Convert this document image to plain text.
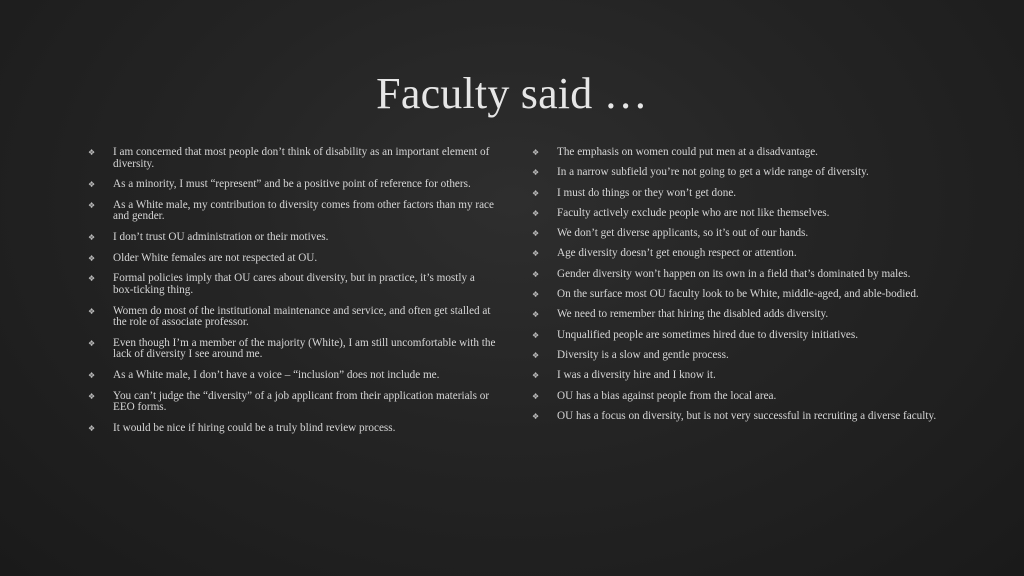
Faculty said …
❖ I am concerned that most people don’t think of disability as an important element of diversity.
❖ As a minority, I must “represent” and be a positive point of reference for others.
❖ As a White male, my contribution to diversity comes from other factors than my race and gender.
❖ I don’t trust OU administration or their motives.
❖ Older White females are not respected at OU.
❖ Formal policies imply that OU cares about diversity, but in practice, it’s mostly a box-ticking thing.
❖ Women do most of the institutional maintenance and service, and often get stalled at the role of associate professor.
❖ Even though I’m a member of the majority (White), I am still uncomfortable with the lack of diversity I see around me.
❖ As a White male, I don’t have a voice – “inclusion” does not include me.
❖ You can’t judge the “diversity” of a job applicant from their application materials or EEO forms.
❖ It would be nice if hiring could be a truly blind review process.
❖ The emphasis on women could put men at a disadvantage.
❖ In a narrow subfield you’re not going to get a wide range of diversity.
❖ I must do things or they won’t get done.
❖ Faculty actively exclude people who are not like themselves.
❖ We don’t get diverse applicants, so it’s out of our hands.
❖ Age diversity doesn’t get enough respect or attention.
❖ Gender diversity won’t happen on its own in a field that’s dominated by males.
❖ On the surface most OU faculty look to be White, middle-aged, and able-bodied.
❖ We need to remember that hiring the disabled adds diversity.
❖ Unqualified people are sometimes hired due to diversity initiatives.
❖ Diversity is a slow and gentle process.
❖ I was a diversity hire and I know it.
❖ OU has a bias against people from the local area.
❖ OU has a focus on diversity, but is not very successful in recruiting a diverse faculty.
